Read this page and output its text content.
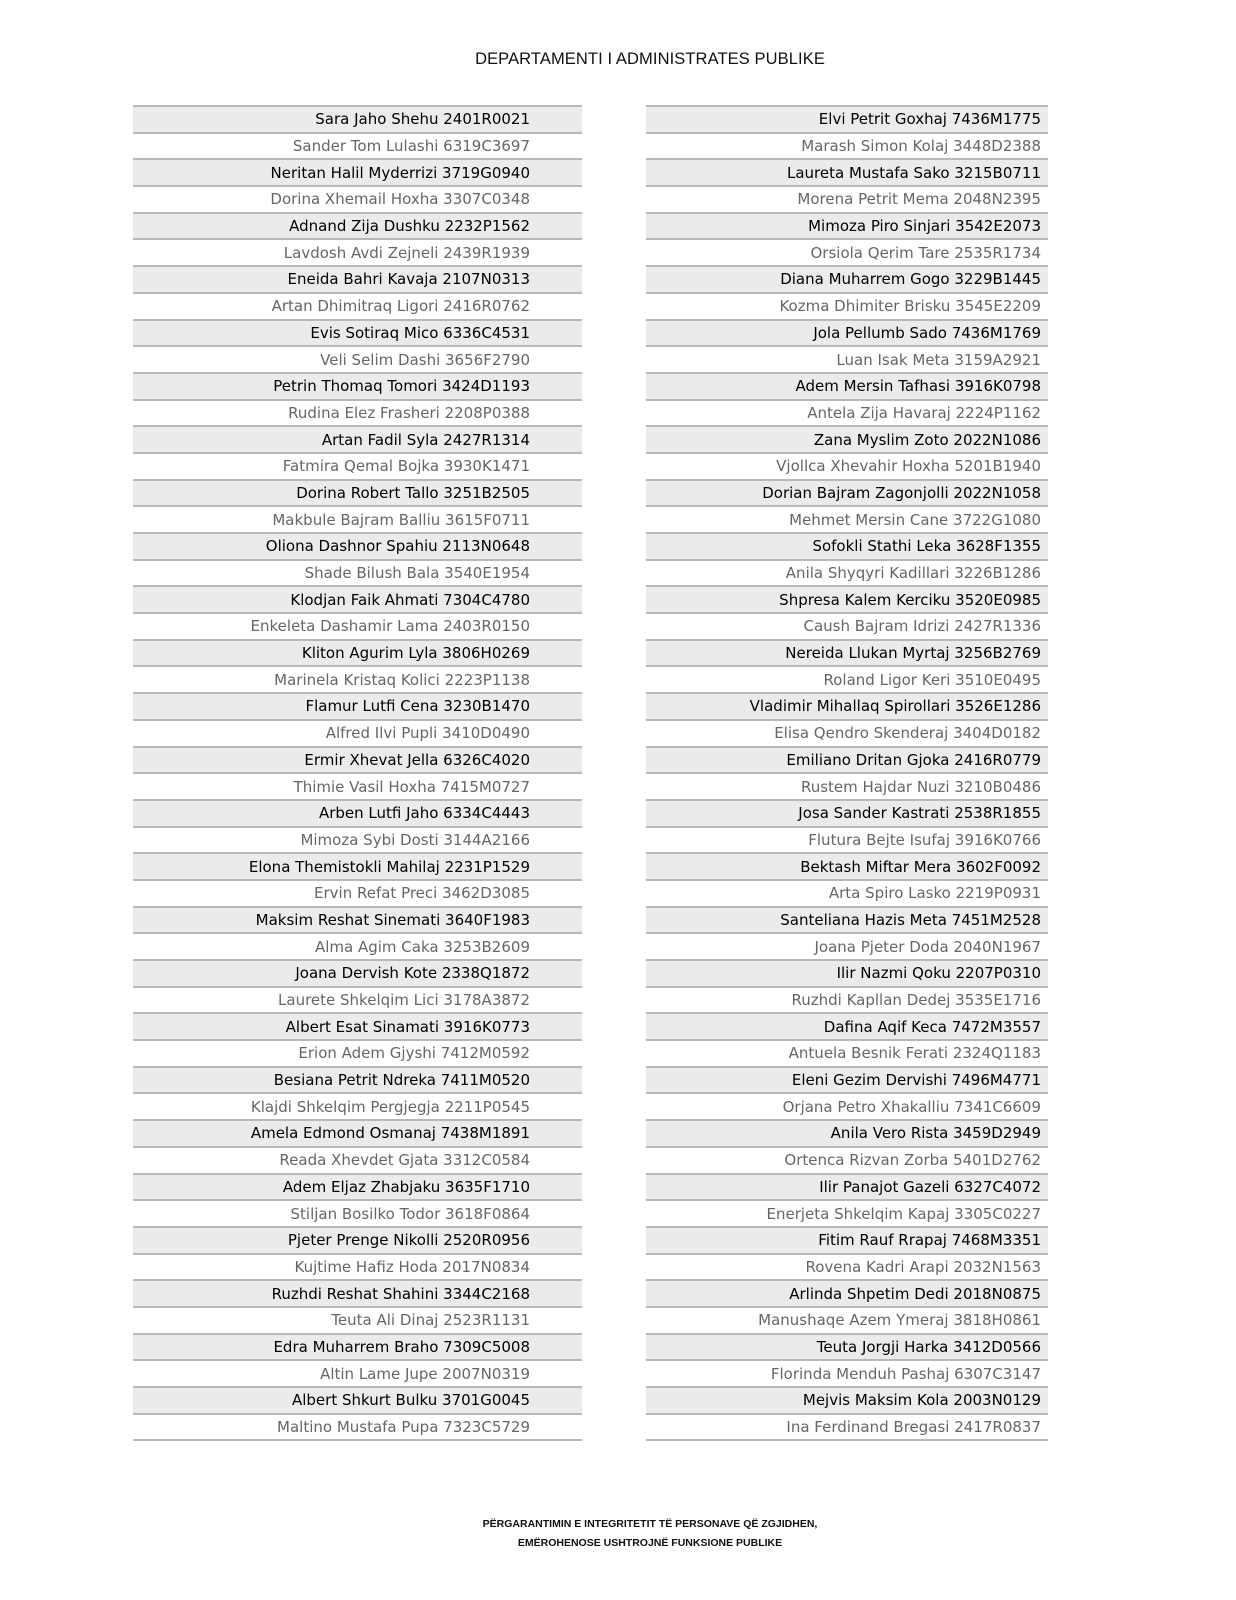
DEPARTAMENTI I ADMINISTRATES PUBLIKE
Sara Jaho Shehu 2401R0021
Sander Tom Lulashi 6319C3697
Neritan Halil Myderrizi 3719G0940
Dorina Xhemail Hoxha 3307C0348
Adnand Zija Dushku 2232P1562
Lavdosh Avdi Zejneli 2439R1939
Eneida Bahri Kavaja 2107N0313
Artan Dhimitraq Ligori 2416R0762
Evis Sotiraq Mico 6336C4531
Veli Selim Dashi 3656F2790
Petrin Thomaq Tomori 3424D1193
Rudina Elez Frasheri 2208P0388
Artan Fadil Syla 2427R1314
Fatmira Qemal Bojka 3930K1471
Dorina Robert Tallo 3251B2505
Makbule Bajram Balliu 3615F0711
Oliona Dashnor Spahiu 2113N0648
Shade Bilush Bala 3540E1954
Klodjan Faik Ahmati 7304C4780
Enkeleta Dashamir Lama 2403R0150
Kliton Agurim Lyla 3806H0269
Marinela Kristaq Kolici 2223P1138
Flamur Lutfi Cena 3230B1470
Alfred Ilvi Pupli 3410D0490
Ermir Xhevat Jella 6326C4020
Thimie Vasil Hoxha 7415M0727
Arben Lutfi Jaho 6334C4443
Mimoza Sybi Dosti 3144A2166
Elona Themistokli Mahilaj 2231P1529
Ervin Refat Preci 3462D3085
Maksim Reshat Sinemati 3640F1983
Alma Agim Caka 3253B2609
Joana Dervish Kote 2338Q1872
Laurete Shkelqim Lici 3178A3872
Albert Esat Sinamati 3916K0773
Erion Adem Gjyshi 7412M0592
Besiana Petrit Ndreka 7411M0520
Klajdi Shkelqim Pergjegja 2211P0545
Amela Edmond Osmanaj 7438M1891
Reada Xhevdet Gjata 3312C0584
Adem Eljaz Zhabjaku 3635F1710
Stiljan Bosilko Todor 3618F0864
Pjeter Prenge Nikolli 2520R0956
Kujtime Hafiz Hoda 2017N0834
Ruzhdi Reshat Shahini 3344C2168
Teuta Ali Dinaj 2523R1131
Edra Muharrem Braho 7309C5008
Altin Lame Jupe 2007N0319
Albert Shkurt Bulku 3701G0045
Maltino Mustafa Pupa 7323C5729
Elvi Petrit Goxhaj 7436M1775
Marash Simon Kolaj 3448D2388
Laureta Mustafa Sako 3215B0711
Morena Petrit Mema 2048N2395
Mimoza Piro Sinjari 3542E2073
Orsiola Qerim Tare 2535R1734
Diana Muharrem Gogo 3229B1445
Kozma Dhimiter Brisku 3545E2209
Jola Pellumb Sado 7436M1769
Luan Isak Meta 3159A2921
Adem Mersin Tafhasi 3916K0798
Antela Zija Havaraj 2224P1162
Zana Myslim Zoto 2022N1086
Vjollca Xhevahir Hoxha 5201B1940
Dorian Bajram Zagonjolli 2022N1058
Mehmet Mersin Cane 3722G1080
Sofokli Stathi Leka 3628F1355
Anila Shyqyri Kadillari 3226B1286
Shpresa Kalem Kerciku 3520E0985
Caush Bajram Idrizi 2427R1336
Nereida Llukan Myrtaj 3256B2769
Roland Ligor Keri 3510E0495
Vladimir Mihallaq Spirollari 3526E1286
Elisa Qendro Skenderaj 3404D0182
Emiliano Dritan Gjoka 2416R0779
Rustem Hajdar Nuzi 3210B0486
Josa Sander Kastrati 2538R1855
Flutura Bejte Isufaj 3916K0766
Bektash Miftar Mera 3602F0092
Arta Spiro Lasko 2219P0931
Santeliana Hazis Meta 7451M2528
Joana Pjeter Doda 2040N1967
Ilir Nazmi Qoku 2207P0310
Ruzhdi Kapllan Dedej 3535E1716
Dafina Aqif Keca 7472M3557
Antuela Besnik Ferati 2324Q1183
Eleni Gezim Dervishi 7496M4771
Orjana Petro Xhakalliu 7341C6609
Anila Vero Rista 3459D2949
Ortenca Rizvan Zorba 5401D2762
Ilir Panajot Gazeli 6327C4072
Enerjeta Shkelqim Kapaj 3305C0227
Fitim Rauf Rrapaj 7468M3351
Rovena Kadri Arapi 2032N1563
Arlinda Shpetim Dedi 2018N0875
Manushaqe Azem Ymeraj 3818H0861
Teuta Jorgji Harka 3412D0566
Florinda Menduh Pashaj 6307C3147
Mejvis Maksim Kola 2003N0129
Ina Ferdinand Bregasi 2417R0837
PËRGARANTIMIN E INTEGRITETIT TË PERSONAVE QË ZGJIDHEN,
EMËROHENOSE USHTROJNË FUNKSIONE PUBLIKE
